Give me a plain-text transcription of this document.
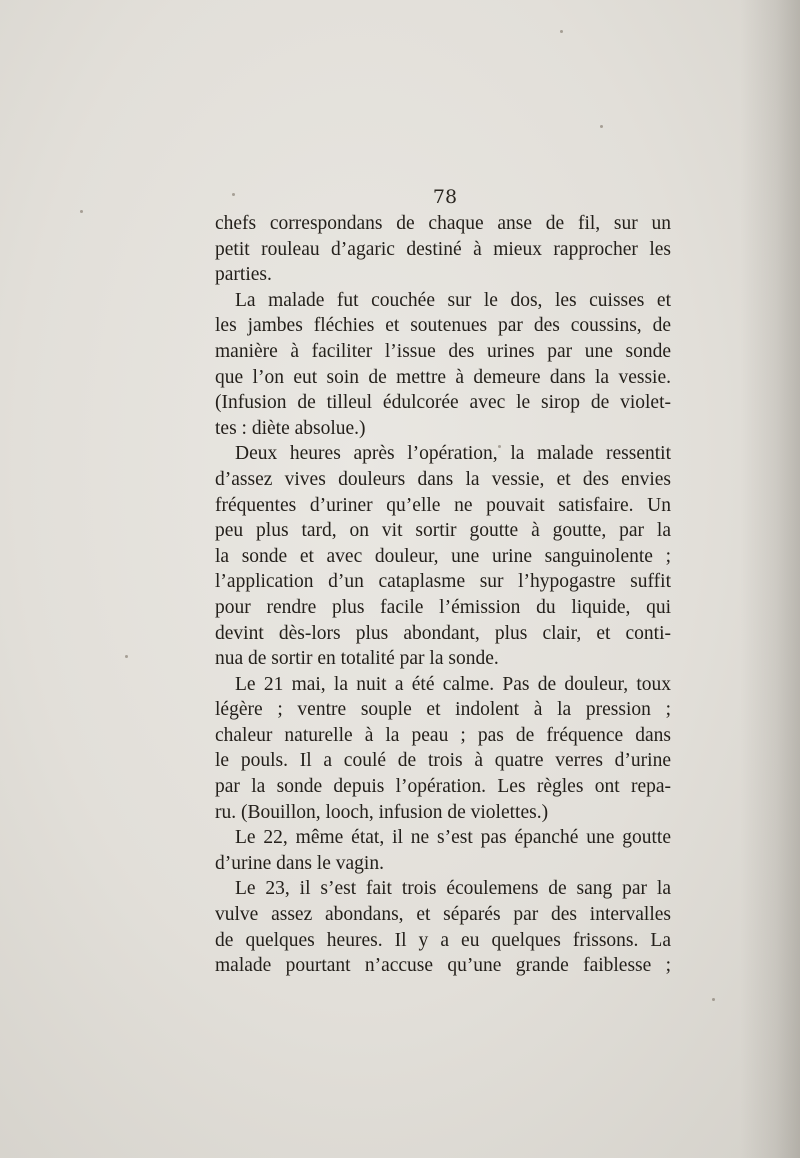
78
chefs correspondans de chaque anse de fil, sur un
petit rouleau d’agaric destiné à mieux rapprocher les
parties.
La malade fut couchée sur le dos, les cuisses et
les jambes fléchies et soutenues par des coussins, de
manière à faciliter l’issue des urines par une sonde
que l’on eut soin de mettre à demeure dans la vessie.
(Infusion de tilleul édulcorée avec le sirop de violet-
tes : diète absolue.)
Deux heures après l’opération, la malade ressentit
d’assez vives douleurs dans la vessie, et des envies
fréquentes d’uriner qu’elle ne pouvait satisfaire. Un
peu plus tard, on vit sortir goutte à goutte, par la
la sonde et avec douleur, une urine sanguinolente ;
l’application d’un cataplasme sur l’hypogastre suffit
pour rendre plus facile l’émission du liquide, qui
devint dès-lors plus abondant, plus clair, et conti-
nua de sortir en totalité par la sonde.
Le 21 mai, la nuit a été calme. Pas de douleur, toux
légère ; ventre souple et indolent à la pression ;
chaleur naturelle à la peau ; pas de fréquence dans
le pouls. Il a coulé de trois à quatre verres d’urine
par la sonde depuis l’opération. Les règles ont repa-
ru. (Bouillon, looch, infusion de violettes.)
Le 22, même état, il ne s’est pas épanché une goutte
d’urine dans le vagin.
Le 23, il s’est fait trois écoulemens de sang par la
vulve assez abondans, et séparés par des intervalles
de quelques heures. Il y a eu quelques frissons. La
malade pourtant n’accuse qu’une grande faiblesse ;
